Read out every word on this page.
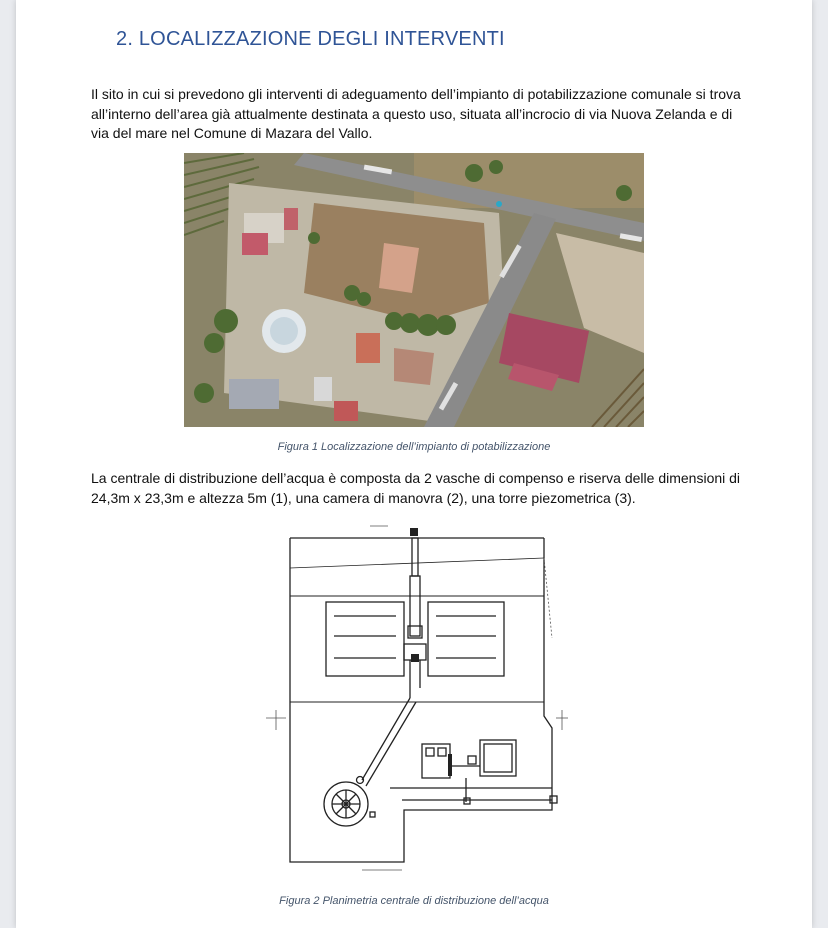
2. LOCALIZZAZIONE DEGLI INTERVENTI
Il sito in cui si prevedono gli interventi di adeguamento dell’impianto di potabilizzazione comunale si trova all’interno dell’area già attualmente destinata a questo uso, situata all’incrocio di via Nuova Zelanda e di via del mare nel Comune di Mazara del Vallo.
Figura 1 Localizzazione dell’impianto di potabilizzazione
La centrale di distribuzione dell’acqua è composta da 2 vasche di compenso e riserva delle dimensioni di 24,3m x 23,3m e altezza 5m (1), una camera di manovra (2), una torre piezometrica (3).
Figura 2 Planimetria centrale di distribuzione dell’acqua
